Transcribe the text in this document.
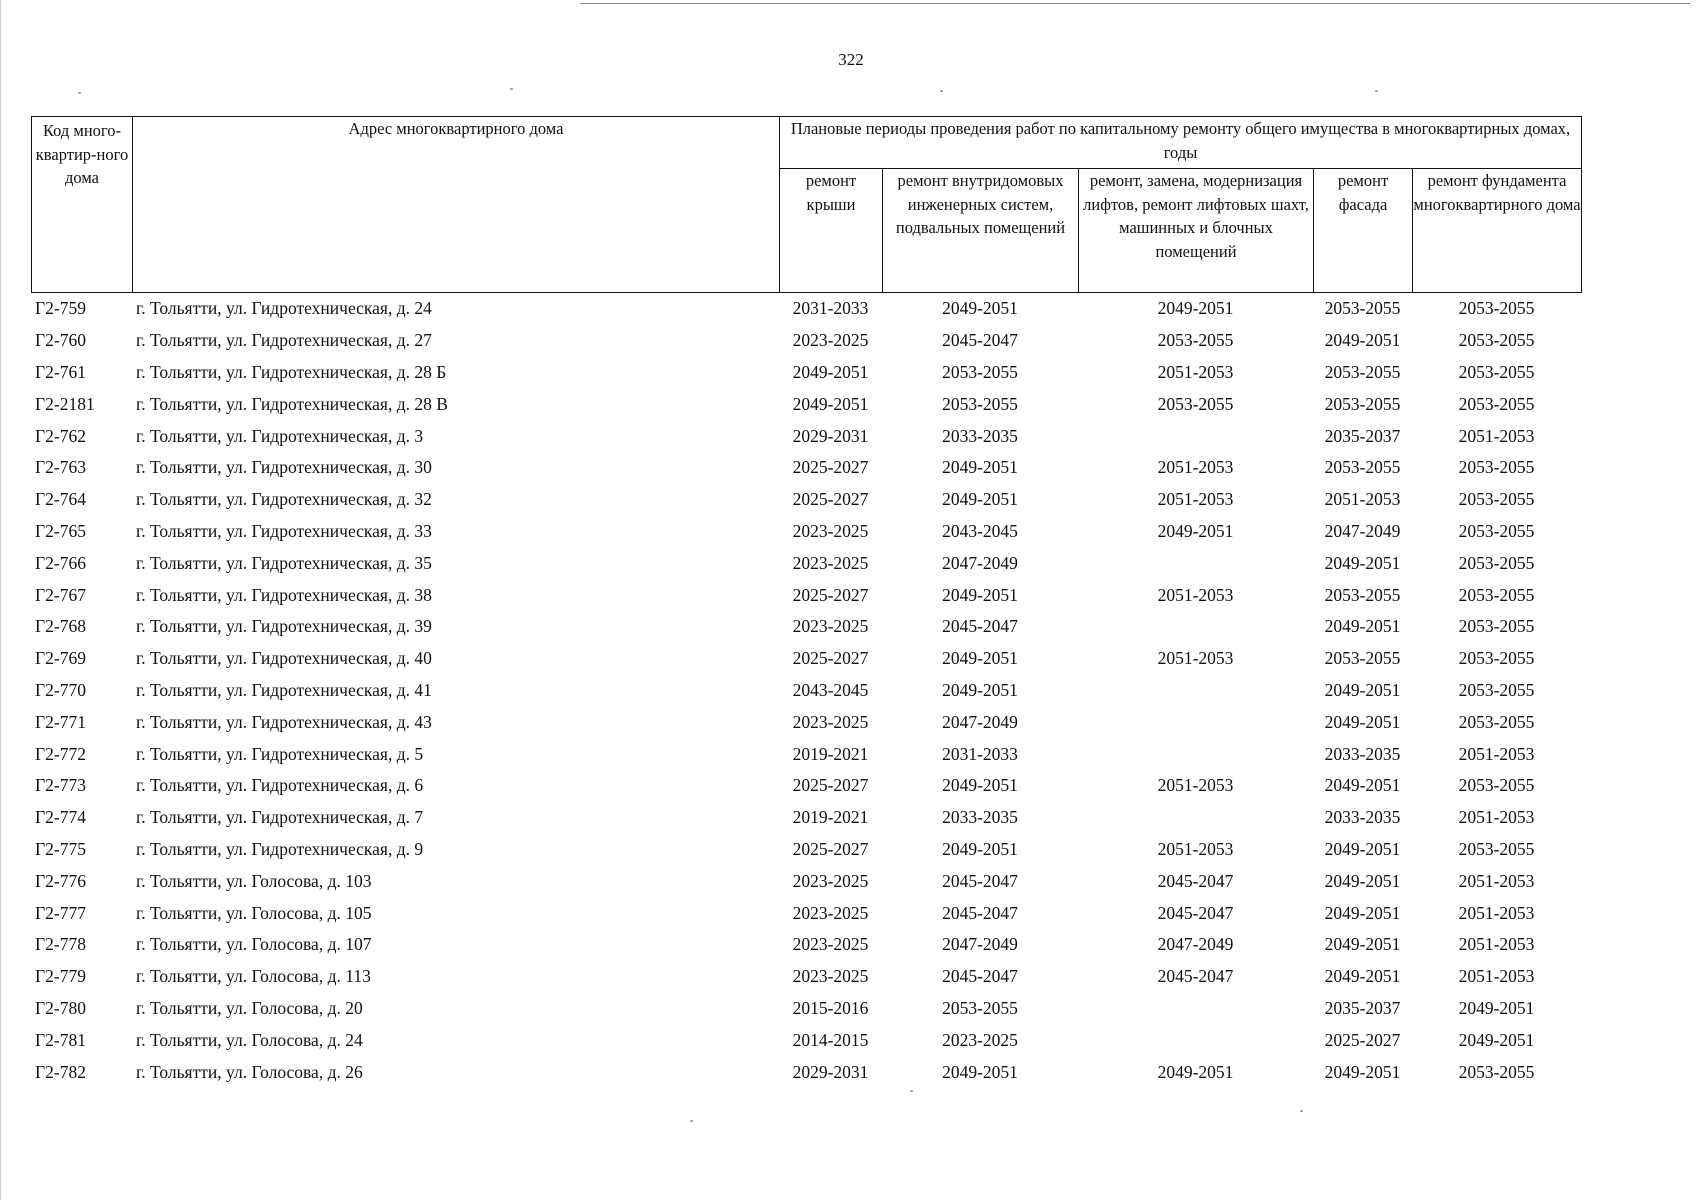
322
Код много-квартир-ного дома	Адрес многоквартирного дома	Плановые периоды проведения работ по капитальному ремонту общего имущества в многоквартирных домах, годы				
		ремонт крыши	ремонт внутридомовых инженерных систем, подвальных помещений	ремонт, замена, модернизация лифтов, ремонт лифтовых шахт, машинных и блочных помещений	ремонт фасада	ремонт фундамента многоквартирного дома
Г2-759	г. Тольятти, ул. Гидротехническая, д. 24	2031-2033	2049-2051	2049-2051	2053-2055	2053-2055
Г2-760	г. Тольятти, ул. Гидротехническая, д. 27	2023-2025	2045-2047	2053-2055	2049-2051	2053-2055
Г2-761	г. Тольятти, ул. Гидротехническая, д. 28 Б	2049-2051	2053-2055	2051-2053	2053-2055	2053-2055
Г2-2181	г. Тольятти, ул. Гидротехническая, д. 28 В	2049-2051	2053-2055	2053-2055	2053-2055	2053-2055
Г2-762	г. Тольятти, ул. Гидротехническая, д. 3	2029-2031	2033-2035		2035-2037	2051-2053
Г2-763	г. Тольятти, ул. Гидротехническая, д. 30	2025-2027	2049-2051	2051-2053	2053-2055	2053-2055
Г2-764	г. Тольятти, ул. Гидротехническая, д. 32	2025-2027	2049-2051	2051-2053	2051-2053	2053-2055
Г2-765	г. Тольятти, ул. Гидротехническая, д. 33	2023-2025	2043-2045	2049-2051	2047-2049	2053-2055
Г2-766	г. Тольятти, ул. Гидротехническая, д. 35	2023-2025	2047-2049		2049-2051	2053-2055
Г2-767	г. Тольятти, ул. Гидротехническая, д. 38	2025-2027	2049-2051	2051-2053	2053-2055	2053-2055
Г2-768	г. Тольятти, ул. Гидротехническая, д. 39	2023-2025	2045-2047		2049-2051	2053-2055
Г2-769	г. Тольятти, ул. Гидротехническая, д. 40	2025-2027	2049-2051	2051-2053	2053-2055	2053-2055
Г2-770	г. Тольятти, ул. Гидротехническая, д. 41	2043-2045	2049-2051		2049-2051	2053-2055
Г2-771	г. Тольятти, ул. Гидротехническая, д. 43	2023-2025	2047-2049		2049-2051	2053-2055
Г2-772	г. Тольятти, ул. Гидротехническая, д. 5	2019-2021	2031-2033		2033-2035	2051-2053
Г2-773	г. Тольятти, ул. Гидротехническая, д. 6	2025-2027	2049-2051	2051-2053	2049-2051	2053-2055
Г2-774	г. Тольятти, ул. Гидротехническая, д. 7	2019-2021	2033-2035		2033-2035	2051-2053
Г2-775	г. Тольятти, ул. Гидротехническая, д. 9	2025-2027	2049-2051	2051-2053	2049-2051	2053-2055
Г2-776	г. Тольятти, ул. Голосова, д. 103	2023-2025	2045-2047	2045-2047	2049-2051	2051-2053
Г2-777	г. Тольятти, ул. Голосова, д. 105	2023-2025	2045-2047	2045-2047	2049-2051	2051-2053
Г2-778	г. Тольятти, ул. Голосова, д. 107	2023-2025	2047-2049	2047-2049	2049-2051	2051-2053
Г2-779	г. Тольятти, ул. Голосова, д. 113	2023-2025	2045-2047	2045-2047	2049-2051	2051-2053
Г2-780	г. Тольятти, ул. Голосова, д. 20	2015-2016	2053-2055		2035-2037	2049-2051
Г2-781	г. Тольятти, ул. Голосова, д. 24	2014-2015	2023-2025		2025-2027	2049-2051
Г2-782	г. Тольятти, ул. Голосова, д. 26	2029-2031	2049-2051	2049-2051	2049-2051	2053-2055
